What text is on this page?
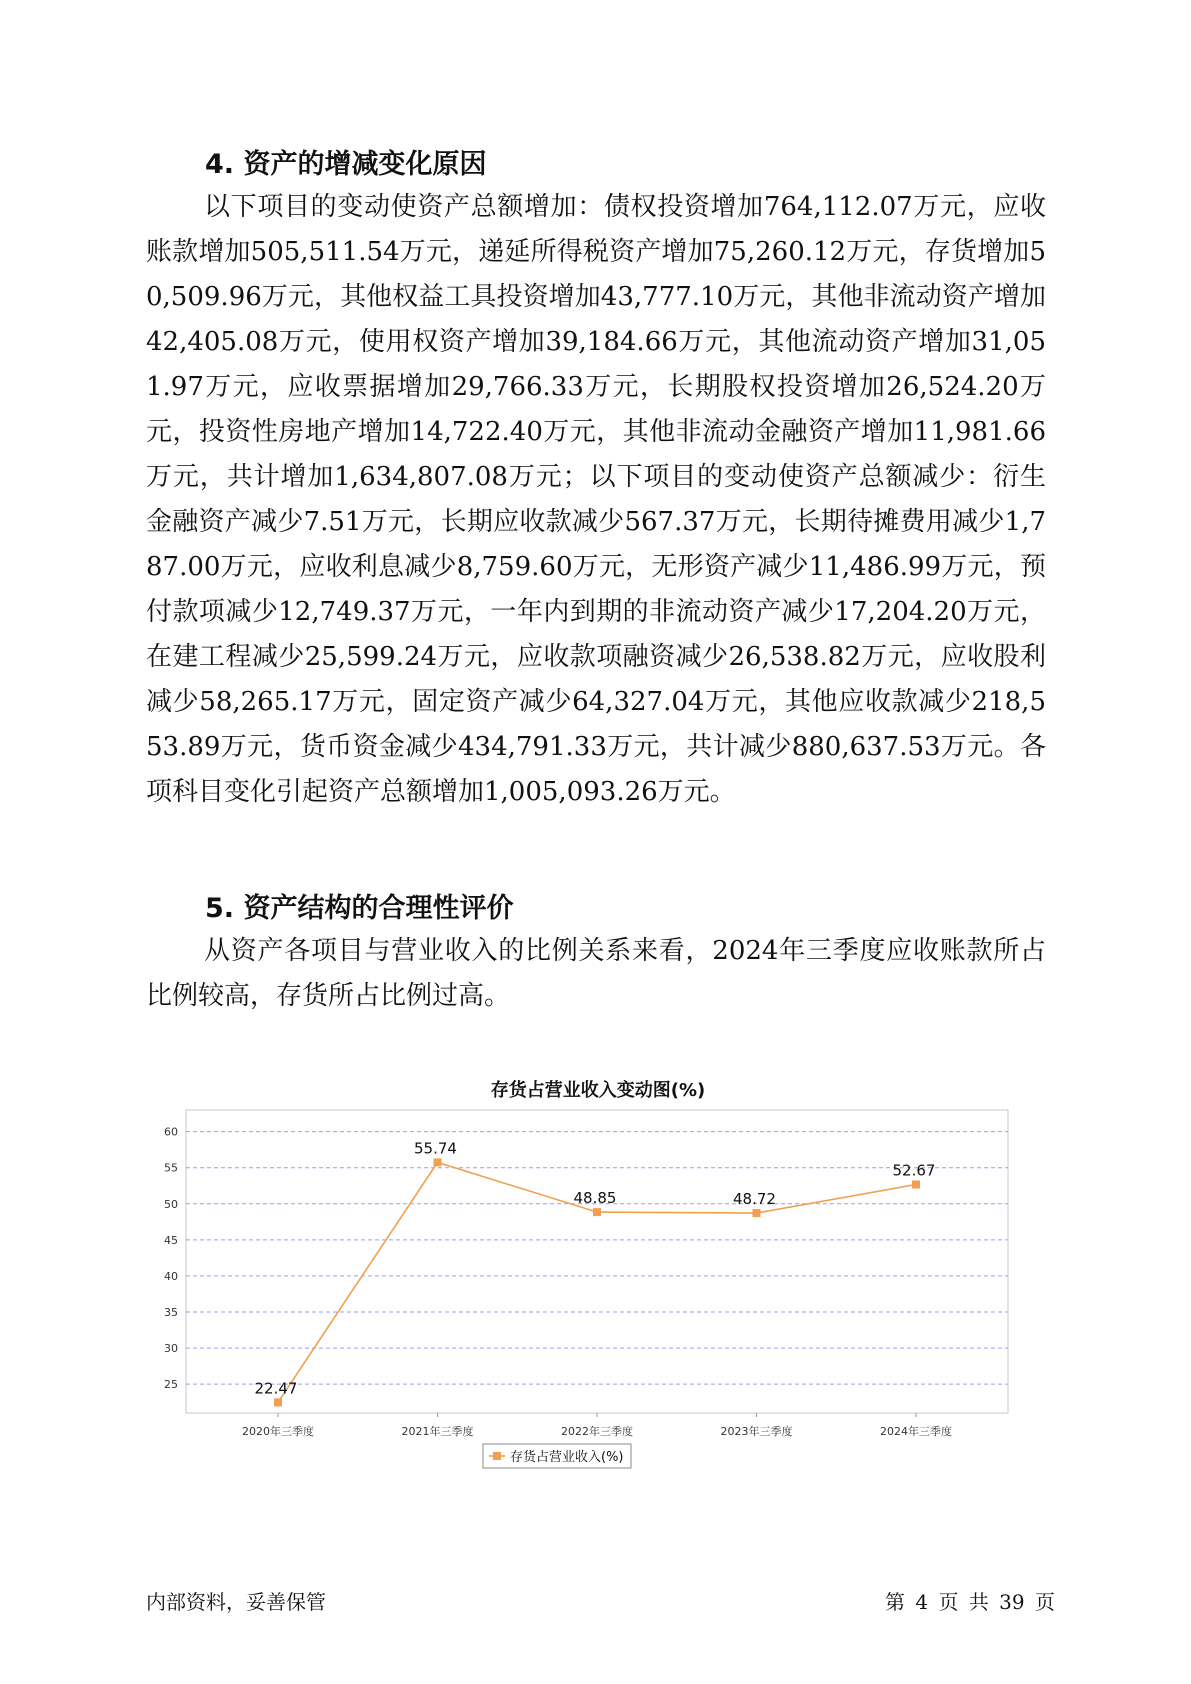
4. 资产的增减变化原因

以下项目的变动使资产总额增加：债权投资增加764,112.07万元，应收账款增加505,511.54万元，递延所得税资产增加75,260.12万元，存货增加50,509.96万元，其他权益工具投资增加43,777.10万元，其他非流动资产增加42,405.08万元，使用权资产增加39,184.66万元，其他流动资产增加31,051.97万元，应收票据增加29,766.33万元，长期股权投资增加26,524.20万元，投资性房地产增加14,722.40万元，其他非流动金融资产增加11,981.66万元，共计增加1,634,807.08万元；以下项目的变动使资产总额减少：衍生金融资产减少7.51万元，长期应收款减少567.37万元，长期待摊费用减少1,787.00万元，应收利息减少8,759.60万元，无形资产减少11,486.99万元，预付款项减少12,749.37万元，一年内到期的非流动资产减少17,204.20万元，在建工程减少25,599.24万元，应收款项融资减少26,538.82万元，应收股利减少58,265.17万元，固定资产减少64,327.04万元，其他应收款减少218,553.89万元，货币资金减少434,791.33万元，共计减少880,637.53万元。各项科目变化引起资产总额增加1,005,093.26万元。

5. 资产结构的合理性评价

从资产各项目与营业收入的比例关系来看，2024年三季度应收账款所占比例较高，存货所占比例过高。

存货占营业收入变动图(%)
25
30
35
40
45
50
55
60
2020年三季度	2021年三季度	2022年三季度	2023年三季度	2024年三季度
22.47
55.74
48.85	48.72
52.67
存货占营业收入(%)
内部资料，妥善保管	第 4 页 共 39 页
